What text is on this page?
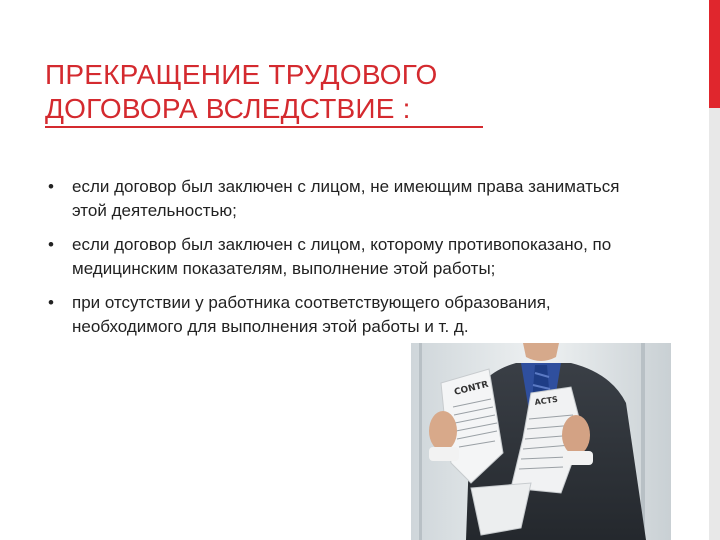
ПРЕКРАЩЕНИЕ ТРУДОВОГО
ДОГОВОРА ВСЛЕДСТВИЕ :
• если договор был заключен с лицом, не имеющим права заниматься этой деятельностью;
• если договор был заключен с лицом, которому противопоказано, по медицинским показателям, выполнение этой работы;
• при отсутствии у работника соответствующего образования, необходимого для выполнения этой работы и т. д.
CONTR
ACTS
